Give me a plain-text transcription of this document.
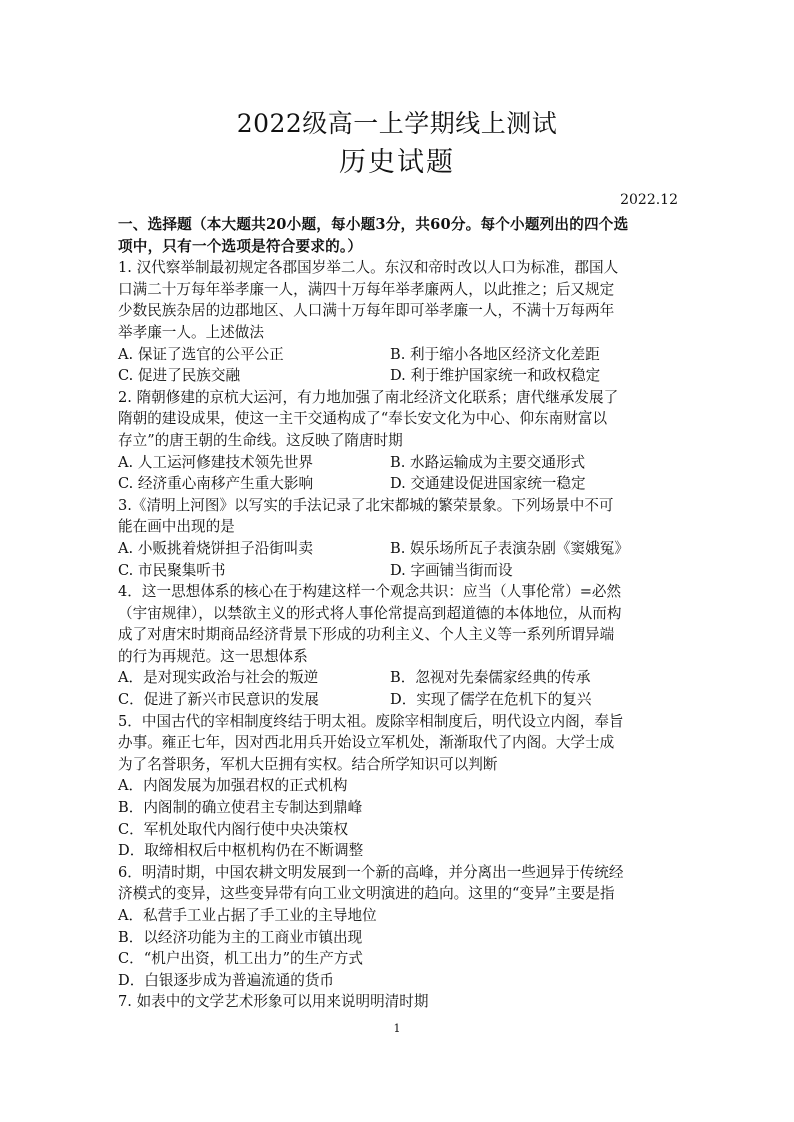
2022级高一上学期线上测试
历史试题
2022.12
一、选择题（本大题共20小题，每小题3分，共60分。每个小题列出的四个选
项中，只有一个选项是符合要求的。）
1. 汉代察举制最初规定各郡国岁举二人。东汉和帝时改以人口为标准，郡国人
口满二十万每年举孝廉一人，满四十万每年举孝廉两人，以此推之；后又规定
少数民族杂居的边郡地区、人口满十万每年即可举孝廉一人，不满十万每两年
举孝廉一人。上述做法
A. 保证了选官的公平公正	B. 利于缩小各地区经济文化差距
C. 促进了民族交融	D. 利于维护国家统一和政权稳定
2. 隋朝修建的京杭大运河，有力地加强了南北经济文化联系；唐代继承发展了
隋朝的建设成果，使这一主干交通构成了“奉长安文化为中心、仰东南财富以
存立”的唐王朝的生命线。这反映了隋唐时期
A. 人工运河修建技术领先世界	B. 水路运输成为主要交通形式
C. 经济重心南移产生重大影响	D. 交通建设促进国家统一稳定
3.《清明上河图》以写实的手法记录了北宋都城的繁荣景象。下列场景中不可
能在画中出现的是
A. 小贩挑着烧饼担子沿街叫卖	B. 娱乐场所瓦子表演杂剧《窦娥冤》
C. 市民聚集听书	D. 字画铺当街而设
4．这一思想体系的核心在于构建这样一个观念共识：应当（人事伦常）=必然
（宇宙规律），以禁欲主义的形式将人事伦常提高到超道德的本体地位，从而构
成了对唐宋时期商品经济背景下形成的功利主义、个人主义等一系列所谓异端
的行为再规范。这一思想体系
A．是对现实政治与社会的叛逆	B．忽视对先秦儒家经典的传承
C．促进了新兴市民意识的发展	D．实现了儒学在危机下的复兴
5．中国古代的宰相制度终结于明太祖。废除宰相制度后，明代设立内阁，奉旨
办事。雍正七年，因对西北用兵开始设立军机处，渐渐取代了内阁。大学士成
为了名誉职务，军机大臣拥有实权。结合所学知识可以判断
A．内阁发展为加强君权的正式机构
B．内阁制的确立使君主专制达到鼎峰
C．军机处取代内阁行使中央决策权
D．取缔相权后中枢机构仍在不断调整
6．明清时期，中国农耕文明发展到一个新的高峰，并分离出一些迥异于传统经
济模式的变异，这些变异带有向工业文明演进的趋向。这里的“变异”主要是指
A．私营手工业占据了手工业的主导地位
B．以经济功能为主的工商业市镇出现
C．“机户出资，机工出力”的生产方式
D．白银逐步成为普遍流通的货币
7. 如表中的文学艺术形象可以用来说明明清时期
1
